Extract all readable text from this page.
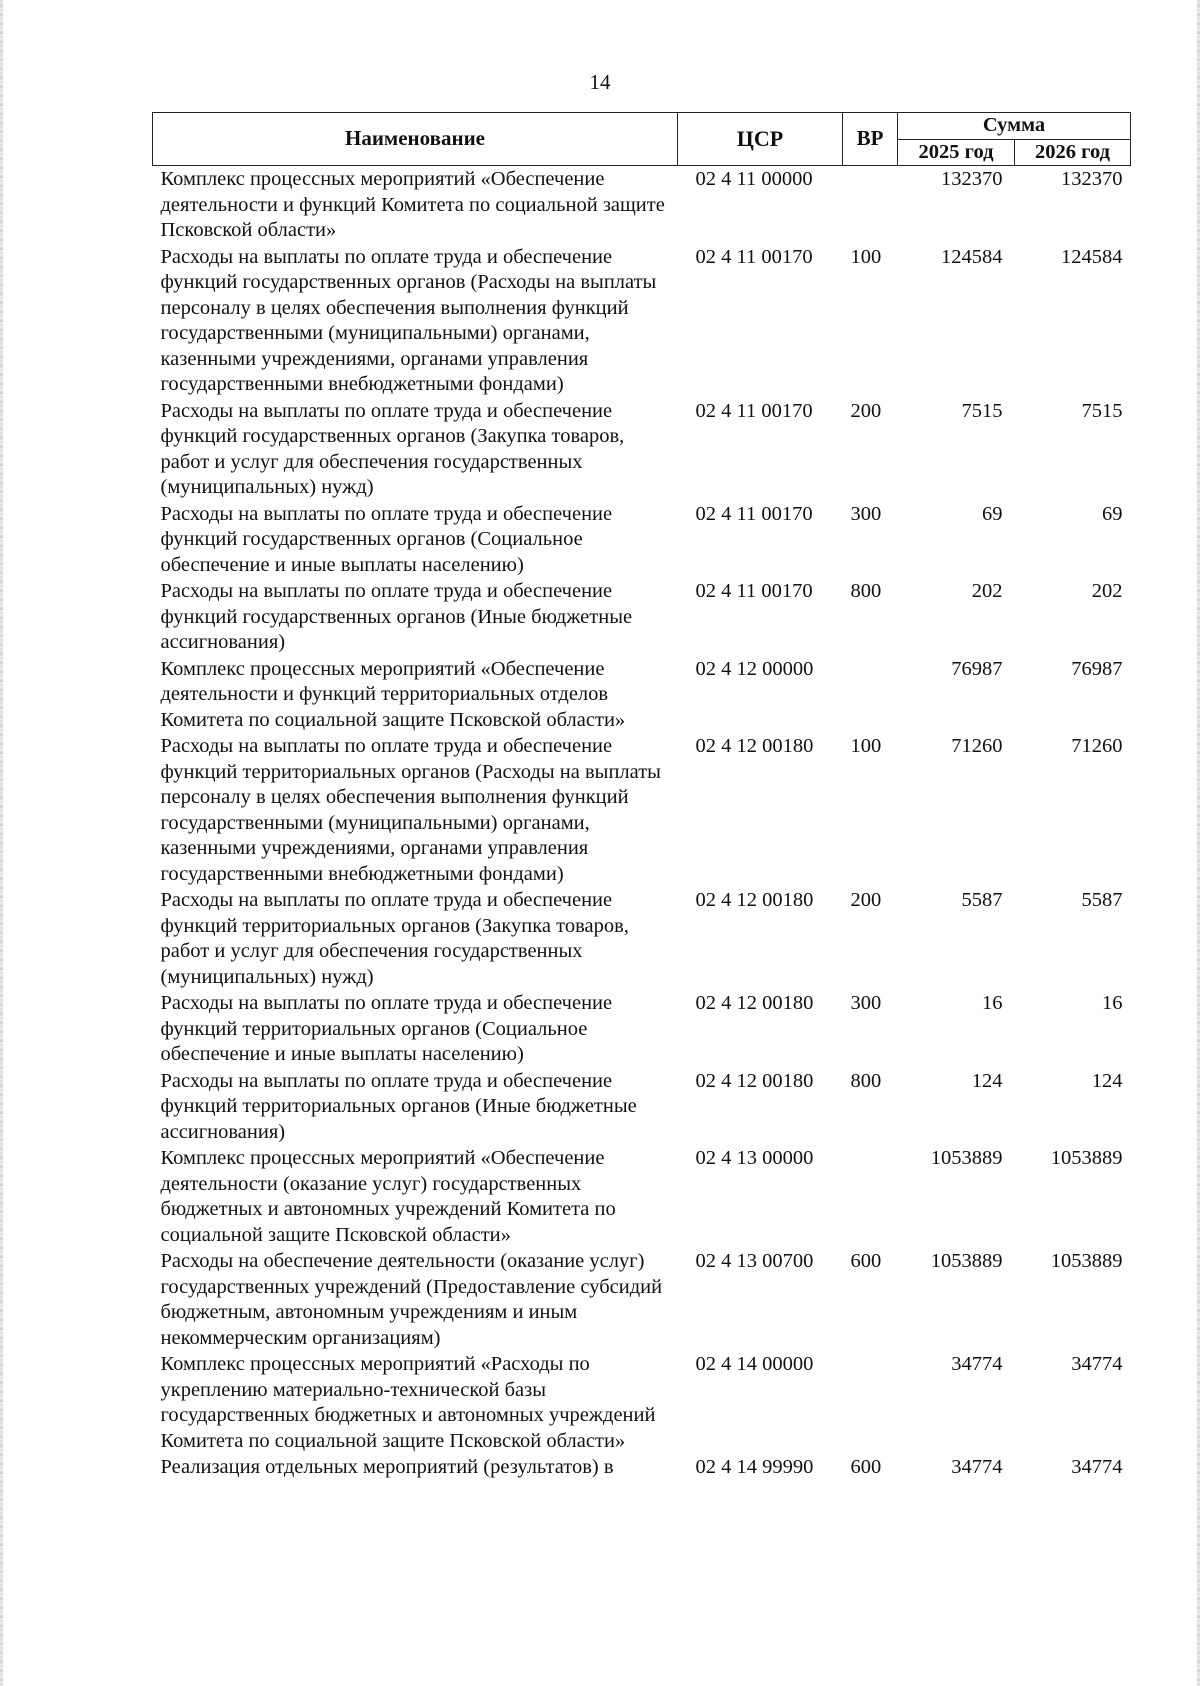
14
Наименование	ЦСР	ВР	Сумма	
			2025 год	2026 год
Комплекс процессных мероприятий «Обеспечение деятельности и функций Комитета по социальной защите Псковской области»	02 4 11 00000		132370	132370
Расходы на выплаты по оплате труда и обеспечение функций государственных органов (Расходы на выплаты персоналу в целях обеспечения выполнения функций государственными (муниципальными) органами, казенными учреждениями, органами управления государственными внебюджетными фондами)	02 4 11 00170	100	124584	124584
Расходы на выплаты по оплате труда и обеспечение функций государственных органов (Закупка товаров, работ и услуг для обеспечения государственных (муниципальных) нужд)	02 4 11 00170	200	7515	7515
Расходы на выплаты по оплате труда и обеспечение функций государственных органов (Социальное обеспечение и иные выплаты населению)	02 4 11 00170	300	69	69
Расходы на выплаты по оплате труда и обеспечение функций государственных органов (Иные бюджетные ассигнования)	02 4 11 00170	800	202	202
Комплекс процессных мероприятий «Обеспечение деятельности и функций территориальных отделов Комитета по социальной защите Псковской области»	02 4 12 00000		76987	76987
Расходы на выплаты по оплате труда и обеспечение функций территориальных органов (Расходы на выплаты персоналу в целях обеспечения выполнения функций государственными (муниципальными) органами, казенными учреждениями, органами управления государственными внебюджетными фондами)	02 4 12 00180	100	71260	71260
Расходы на выплаты по оплате труда и обеспечение функций территориальных органов (Закупка товаров, работ и услуг для обеспечения государственных (муниципальных) нужд)	02 4 12 00180	200	5587	5587
Расходы на выплаты по оплате труда и обеспечение функций территориальных органов (Социальное обеспечение и иные выплаты населению)	02 4 12 00180	300	16	16
Расходы на выплаты по оплате труда и обеспечение функций территориальных органов (Иные бюджетные ассигнования)	02 4 12 00180	800	124	124
Комплекс процессных мероприятий «Обеспечение деятельности (оказание услуг) государственных бюджетных и автономных учреждений Комитета по социальной защите Псковской области»	02 4 13 00000		1053889	1053889
Расходы на обеспечение деятельности (оказание услуг) государственных учреждений (Предоставление субсидий бюджетным, автономным учреждениям и иным некоммерческим организациям)	02 4 13 00700	600	1053889	1053889
Комплекс процессных мероприятий «Расходы по укреплению материально-технической базы государственных бюджетных и автономных учреждений Комитета по социальной защите Псковской области»	02 4 14 00000		34774	34774
Реализация отдельных мероприятий (результатов) в	02 4 14 99990	600	34774	34774
